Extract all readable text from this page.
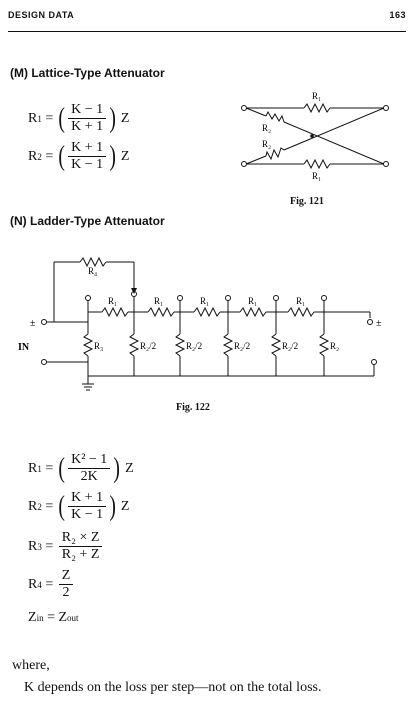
DESIGN DATA	163
(M) Lattice-Type Attenuator
R 1 = ( $\frac{K - 1}{K + 1}$ )
Z
R 2 = ( $\frac{K + 1}{K - 1}$ )
Z
R₁
R₁
R₂
R₂
Fig. 121
(N) Ladder-Type Attenuator
R₄
R₁	R₁	R₁	R₁	R₁
±
IN
±
R₃	R₂/2	R₂/2	R₂/2	R₂/2	R₂
Fig. 122
R 1 = ( $\frac{\text{K² − 1}}{2K}$ )
Z
R 2 = ( $\frac{K + 1}{K - 1}$ )
Z
R $3 = \frac{\text{R₂ × Z}}{\text{R₂ + Z}}$
R $4 = \frac{Z}{2}$
Z in = Z out
where,
K depends on the loss per step—not on the total loss.
